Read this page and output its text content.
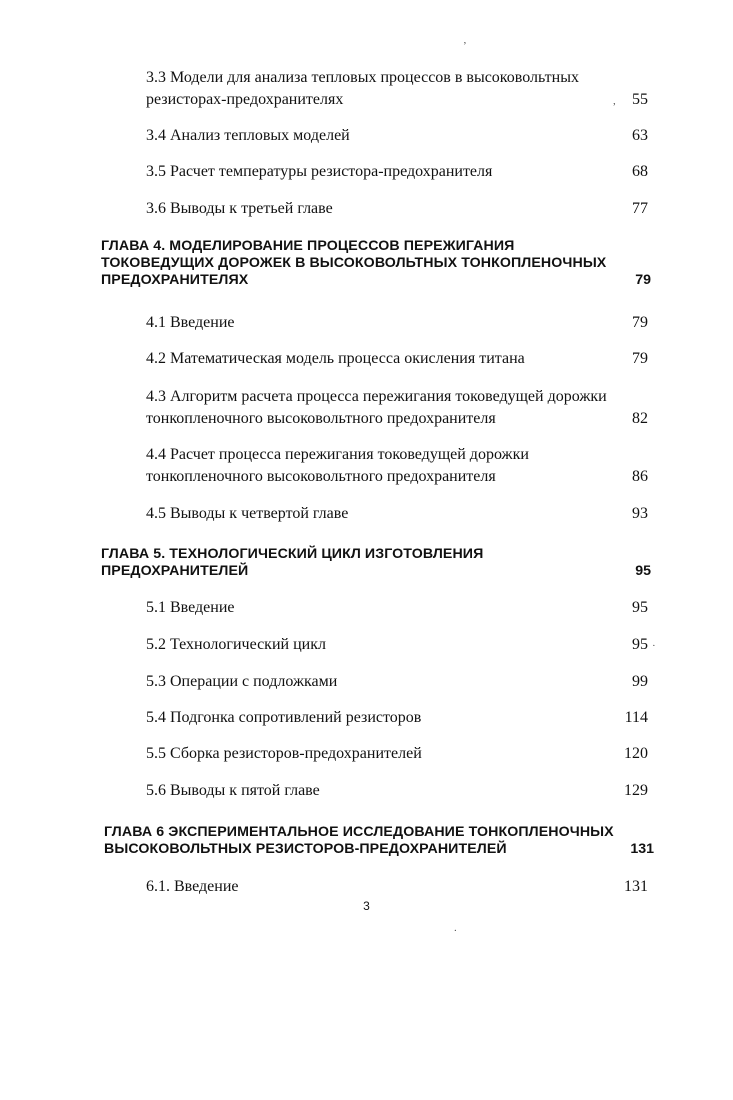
3.3 Модели для анализа тепловых процессов в высоковольтных
резисторах-предохранителях	55
3.4 Анализ тепловых моделей	63
3.5 Расчет температуры резистора-предохранителя	68
3.6 Выводы к третьей главе	77
ГЛАВА 4. МОДЕЛИРОВАНИЕ ПРОЦЕССОВ ПЕРЕЖИГАНИЯ
ТОКОВЕДУЩИХ ДОРОЖЕК В ВЫСОКОВОЛЬТНЫХ ТОНКОПЛЕНОЧНЫХ
ПРЕДОХРАНИТЕЛЯХ	79
4.1 Введение	79
4.2 Математическая модель процесса окисления титана	79
4.3 Алгоритм расчета процесса пережигания токоведущей дорожки
тонкопленочного высоковольтного предохранителя	82
4.4 Расчет процесса пережигания токоведущей дорожки
тонкопленочного высоковольтного предохранителя	86
4.5 Выводы к четвертой главе	93
ГЛАВА 5. ТЕХНОЛОГИЧЕСКИЙ ЦИКЛ ИЗГОТОВЛЕНИЯ
ПРЕДОХРАНИТЕЛЕЙ	95
5.1 Введение	95
5.2 Технологический цикл	95
5.3 Операции с подложками	99
5.4 Подгонка сопротивлений резисторов	114
5.5 Сборка резисторов-предохранителей	120
5.6 Выводы к пятой главе	129
ГЛАВА 6 ЭКСПЕРИМЕНТАЛЬНОЕ ИССЛЕДОВАНИЕ ТОНКОПЛЕНОЧНЫХ
ВЫСОКОВОЛЬТНЫХ РЕЗИСТОРОВ-ПРЕДОХРАНИТЕЛЕЙ	131
6.1. Введение	131
ʼ
,
·
.
3
